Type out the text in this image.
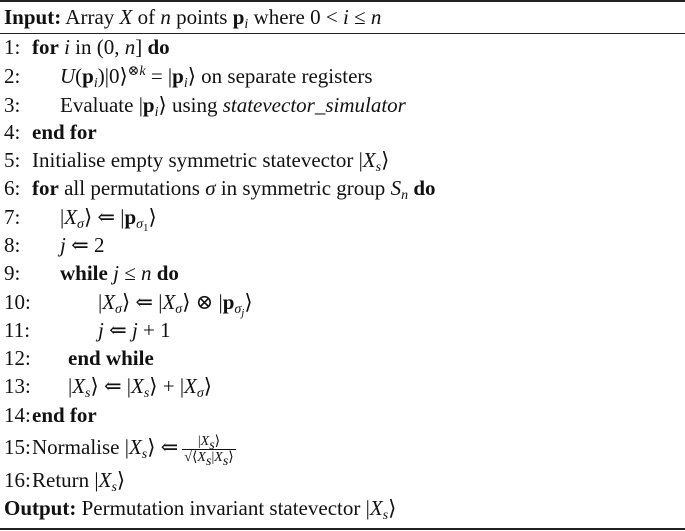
Input: Array X of n points $p_i$ where 0 < i ≤ n
1: for i in (0, n] do
2: $U(p_i)|0⟩^{\otimes k}$ = $|p_i⟩$ on separate registers
3: Evaluate $|p_i⟩$ using statevector_simulator
4: end for
5: Initialise empty symmetric statevector $|X_s⟩$
6: for all permutations σ in symmetric group $S_n$ do
7: $|X_\sigma⟩$ ⇐ $|p_{\sigma_1}⟩$
8: j ⇐ 2
9: while j ≤ n do
10:	$|X_\sigma⟩$ ⇐ $|X_\sigma⟩$ ⊗ $|p_{\sigma_j}⟩$
11:	j ⇐ j + 1
12: end while
13: $|X_s⟩$ ⇐ $|X_s⟩$ + $|X_\sigma⟩$
14: end for
15: Normalise $|X_s⟩$ ⇐ $\frac{|X_s⟩}{√⟨X_s|X_s⟩}$
16: Return $|X_s⟩$
Output: Permutation invariant statevector $|X_s⟩$
